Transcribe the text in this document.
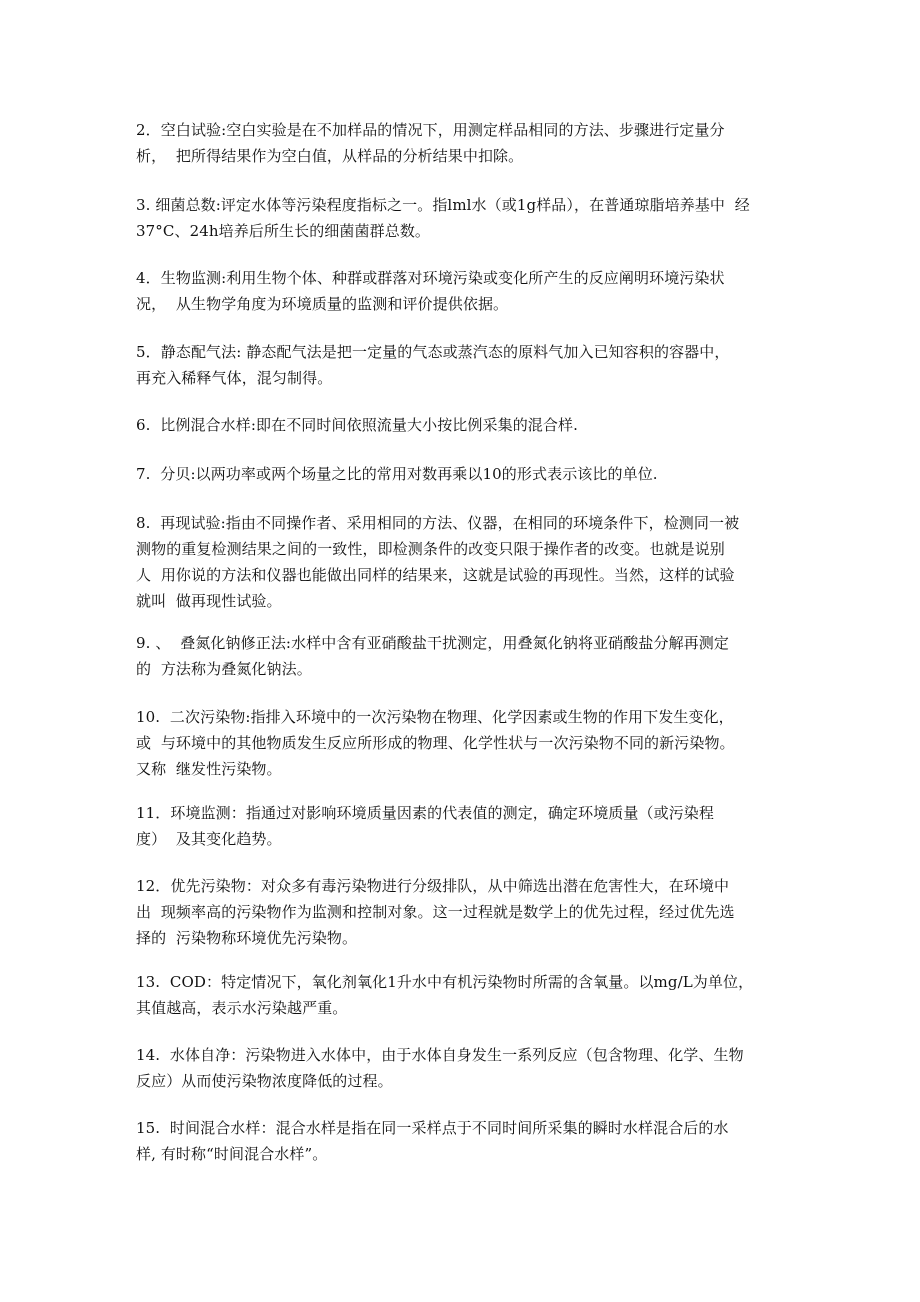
2．空白试验:空白实验是在不加样品的情况下，用测定样品相同的方法、步骤进行定量分
析，  把所得结果作为空白值，从样品的分析结果中扣除。
3. 细菌总数:评定水体等污染程度指标之一。指lml水（或1g样品），在普通琼脂培养基中  经
37°C、24h培养后所生长的细菌菌群总数。
4．生物监测:利用生物个体、种群或群落对环境污染或变化所产生的反应阐明环境污染状
况，  从生物学角度为环境质量的监测和评价提供依据。
5．静态配气法: 静态配气法是把一定量的气态或蒸汽态的原料气加入已知容积的容器中，
再充入稀释气体，混匀制得。
6.  比例混合水样:即在不同时间依照流量大小按比例采集的混合样.
7.  分贝:以两功率或两个场量之比的常用对数再乘以10的形式表示该比的单位.
8.  再现试验:指由不同操作者、采用相同的方法、仪器，在相同的环境条件下，检测同一被
测物的重复检测结果之间的一致性，即检测条件的改变只限于操作者的改变。也就是说别
人  用你说的方法和仪器也能做出同样的结果来，这就是试验的再现性。当然，这样的试验
就叫  做再现性试验。
9. 、  叠氮化钠修正法:水样中含有亚硝酸盐干扰测定，用叠氮化钠将亚硝酸盐分解再测定
的  方法称为叠氮化钠法。
10.  二次污染物:指排入环境中的一次污染物在物理、化学因素或生物的作用下发生变化，
或  与环境中的其他物质发生反应所形成的物理、化学性状与一次污染物不同的新污染物。
又称  继发性污染物。
11．环境监测：指通过对影响环境质量因素的代表值的测定，确定环境质量（或污染程
度）  及其变化趋势。
12．优先污染物：对众多有毒污染物进行分级排队，从中筛选出潜在危害性大，在环境中
出  现频率高的污染物作为监测和控制对象。这一过程就是数学上的优先过程，经过优先选
择的  污染物称环境优先污染物。
13.  COD：特定情况下，氧化剂氧化1升水中有机污染物时所需的含氧量。以mg/L为单位，
其值越高，表示水污染越严重。
14.  水体自净：污染物进入水体中，由于水体自身发生一系列反应（包含物理、化学、生物
反应）从而使污染物浓度降低的过程。
15.  时间混合水样：混合水样是指在同一采样点于不同时间所采集的瞬时水样混合后的水
样, 有时称“时间混合水样”。
